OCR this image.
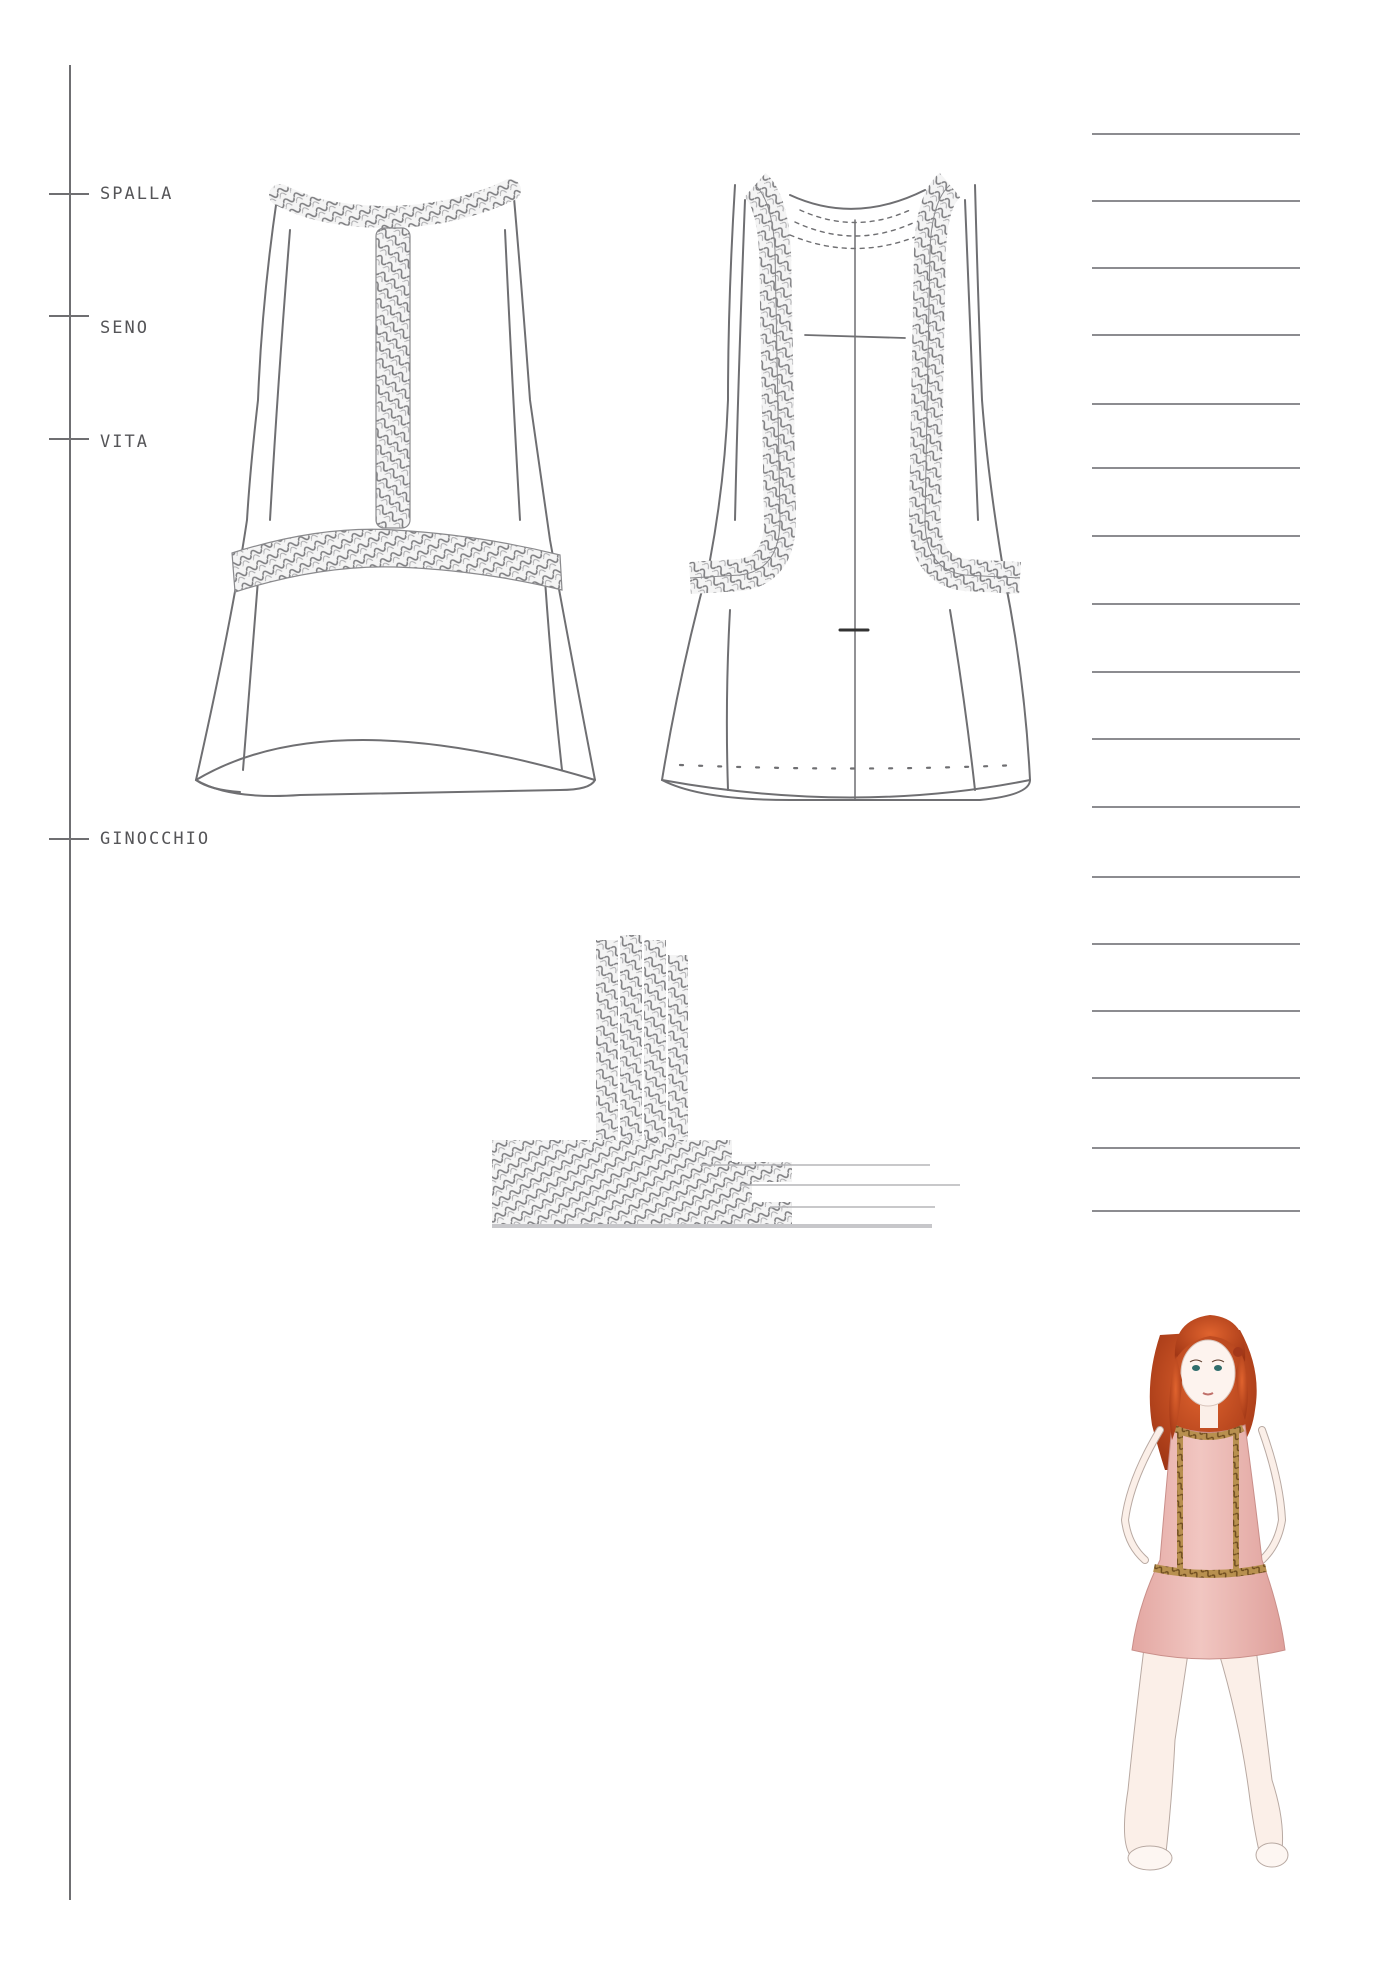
SPALLA
SENO
VITA
GINOCCHIO
